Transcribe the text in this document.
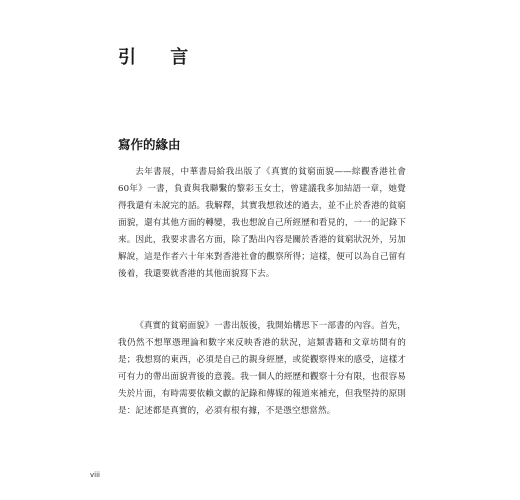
引 言
寫作的緣由

去年書展，中華書局給我出版了《真實的貧窮面貌——綜觀香港社會60年》一書，負責與我聯繫的黎彩玉女士，曾建議我多加結語一章，她覺得我還有未說完的話。我解釋，其實我想敘述的過去，並不止於香港的貧窮面貌，還有其他方面的轉變，我也想說自己所經歷和看見的，一一的記錄下來。因此，我要求書名方面，除了點出內容是關於香港的貧窮狀況外，另加解說，這是作者六十年來對香港社會的觀察所得；這樣，便可以為自己留有後着，我還要就香港的其他面貌寫下去。

《真實的貧窮面貌》一書出版後，我開始構思下一部書的內容。首先，我仍然不想單憑理論和數字來反映香港的狀況，這類書籍和文章坊間有的是；我想寫的東西，必須是自己的親身經歷，或從觀察得來的感受，這樣才可有力的帶出面貌背後的意義。我一個人的經歷和觀察十分有限，也很容易失於片面，有時需要依賴文獻的記錄和傳媒的報道來補充，但我堅持的原則是：記述都是真實的，必須有根有據，不是憑空想當然。

viii
